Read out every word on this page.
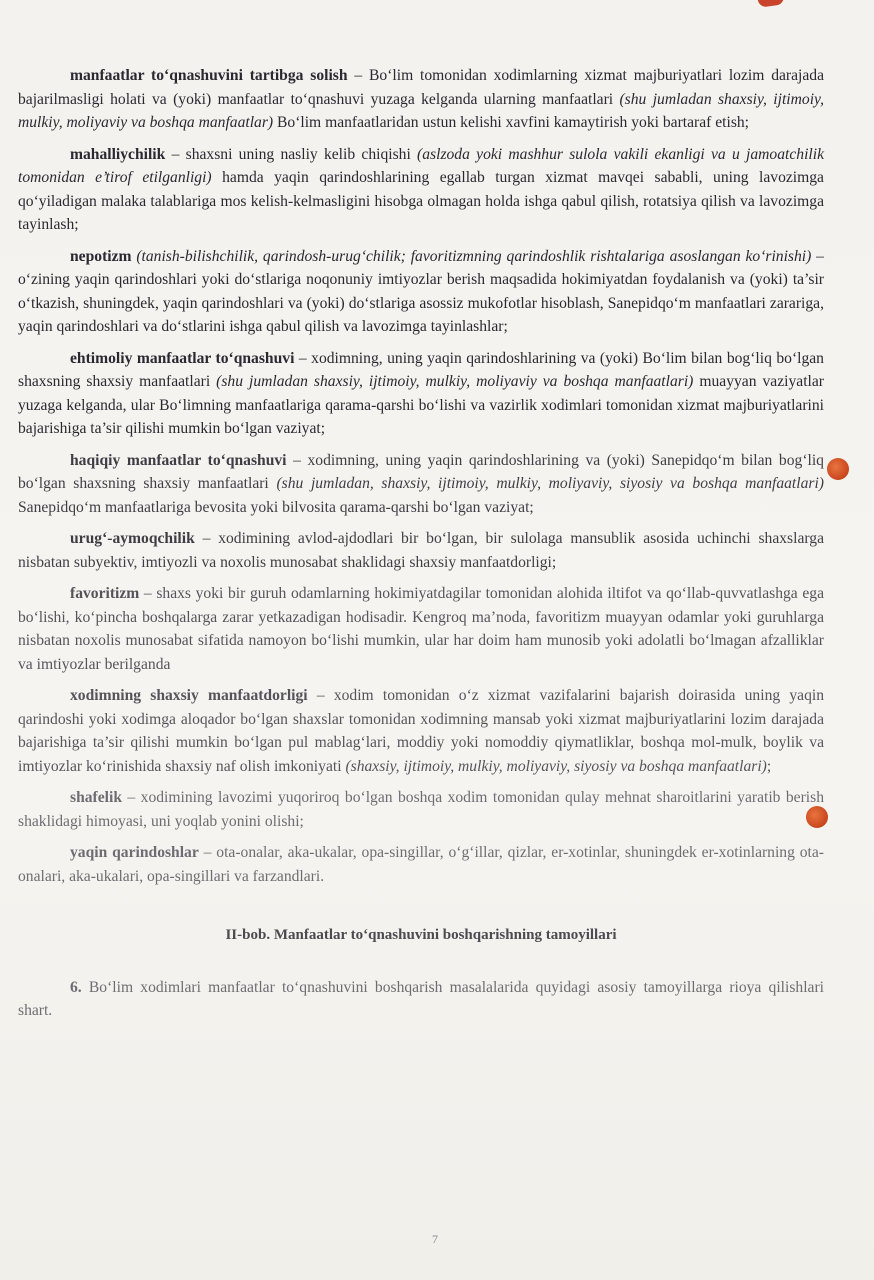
manfaatlar to‘qnashuvini tartibga solish – Bo‘lim tomonidan xodimlarning xizmat majburiyatlari lozim darajada bajarilmasligi holati va (yoki) manfaatlar to‘qnashuvi yuzaga kelganda ularning manfaatlari (shu jumladan shaxsiy, ijtimoiy, mulkiy, moliyaviy va boshqa manfaatlar) Bo‘lim manfaatlaridan ustun kelishi xavfini kamaytirish yoki bartaraf etish;

mahalliychilik – shaxsni uning nasliy kelib chiqishi (aslzoda yoki mashhur sulola vakili ekanligi va u jamoatchilik tomonidan e’tirof etilganligi) hamda yaqin qarindoshlarining egallab turgan xizmat mavqei sababli, uning lavozimga qo‘yiladigan malaka talablariga mos kelish-kelmasligini hisobga olmagan holda ishga qabul qilish, rotatsiya qilish va lavozimga tayinlash;

nepotizm (tanish-bilishchilik, qarindosh-urug‘chilik; favoritizmning qarindoshlik rishtalariga asoslangan ko‘rinishi) – o‘zining yaqin qarindoshlari yoki do‘stlariga noqonuniy imtiyozlar berish maqsadida hokimiyatdan foydalanish va (yoki) ta’sir o‘tkazish, shuningdek, yaqin qarindoshlari va (yoki) do‘stlariga asossiz mukofotlar hisoblash, Sanepidqo‘m manfaatlari zarariga, yaqin qarindoshlari va do‘stlarini ishga qabul qilish va lavozimga tayinlashlar;

ehtimoliy manfaatlar to‘qnashuvi – xodimning, uning yaqin qarindoshlarining va (yoki) Bo‘lim bilan bog‘liq bo‘lgan shaxsning shaxsiy manfaatlari (shu jumladan shaxsiy, ijtimoiy, mulkiy, moliyaviy va boshqa manfaatlari) muayyan vaziyatlar yuzaga kelganda, ular Bo‘limning manfaatlariga qarama-qarshi bo‘lishi va vazirlik xodimlari tomonidan xizmat majburiyatlarini bajarishiga ta’sir qilishi mumkin bo‘lgan vaziyat;

haqiqiy manfaatlar to‘qnashuvi – xodimning, uning yaqin qarindoshlarining va (yoki) Sanepidqo‘m bilan bog‘liq bo‘lgan shaxsning shaxsiy manfaatlari (shu jumladan, shaxsiy, ijtimoiy, mulkiy, moliyaviy, siyosiy va boshqa manfaatlari) Sanepidqo‘m manfaatlariga bevosita yoki bilvosita qarama-qarshi bo‘lgan vaziyat;

urug‘-aymoqchilik – xodimining avlod-ajdodlari bir bo‘lgan, bir sulolaga mansublik asosida uchinchi shaxslarga nisbatan subyektiv, imtiyozli va noxolis munosabat shaklidagi shaxsiy manfaatdorligi;

favoritizm – shaxs yoki bir guruh odamlarning hokimiyatdagilar tomonidan alohida iltifot va qo‘llab-quvvatlashga ega bo‘lishi, ko‘pincha boshqalarga zarar yetkazadigan hodisadir. Kengroq ma’noda, favoritizm muayyan odamlar yoki guruhlarga nisbatan noxolis munosabat sifatida namoyon bo‘lishi mumkin, ular har doim ham munosib yoki adolatli bo‘lmagan afzalliklar va imtiyozlar berilganda

xodimning shaxsiy manfaatdorligi – xodim tomonidan o‘z xizmat vazifalarini bajarish doirasida uning yaqin qarindoshi yoki xodimga aloqador bo‘lgan shaxslar tomonidan xodimning mansab yoki xizmat majburiyatlarini lozim darajada bajarishiga ta’sir qilishi mumkin bo‘lgan pul mablag‘lari, moddiy yoki nomoddiy qiymatliklar, boshqa mol-mulk, boylik va imtiyozlar ko‘rinishida shaxsiy naf olish imkoniyati (shaxsiy, ijtimoiy, mulkiy, moliyaviy, siyosiy va boshqa manfaatlari);

shafelik – xodimining lavozimi yuqoriroq bo‘lgan boshqa xodim tomonidan qulay mehnat sharoitlarini yaratib berish shaklidagi himoyasi, uni yoqlab yonini olishi;

yaqin qarindoshlar – ota-onalar, aka-ukalar, opa-singillar, o‘g‘illar, qizlar, er-xotinlar, shuningdek er-xotinlarning ota-onalari, aka-ukalari, opa-singillari va farzandlari.

II-bob. Manfaatlar to‘qnashuvini boshqarishning tamoyillari

6. Bo‘lim xodimlari manfaatlar to‘qnashuvini boshqarish masalalarida quyidagi asosiy tamoyillarga rioya qilishlari shart.

7
